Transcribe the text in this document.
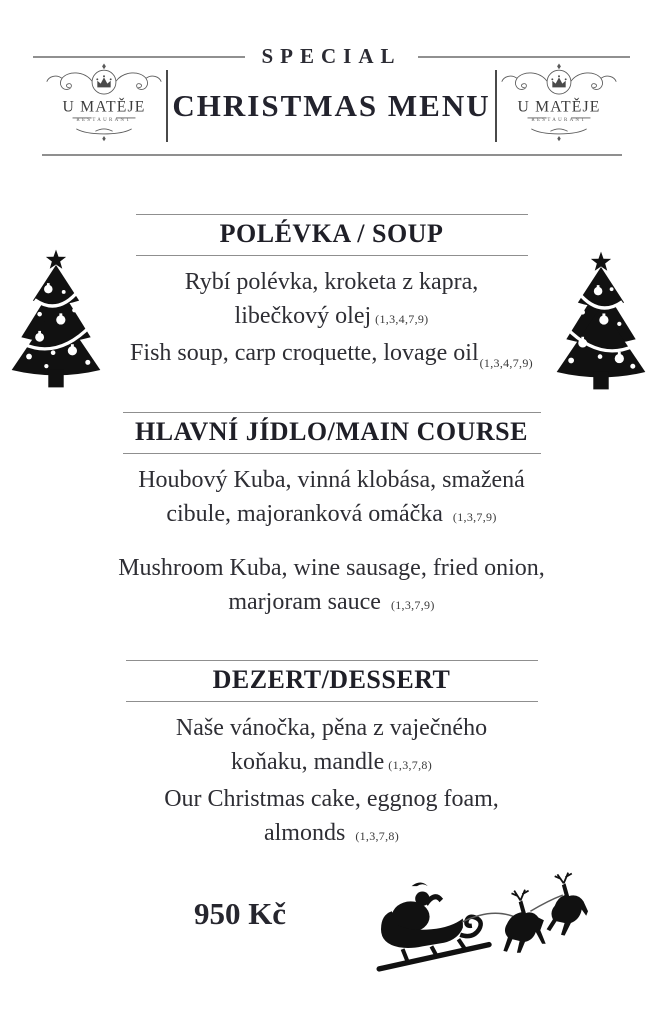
SPECIAL
U MATĚJE
RESTAURANT CHRISTMAS MENU U MATĚJE
RESTAURANT
POLÉVKA / SOUP

Rybí polévka, kroketa z kapra,
libečkový olej (1,3,4,7,9)
Fish soup, carp croquette, lovage oil$_{(1,3,4,7,9)}$

HLAVNÍ JÍDLO/MAIN COURSE

Houbový Kuba, vinná klobása, smažená
cibule, majoranková omáčka (1,3,7,9)

Mushroom Kuba, wine sausage, fried onion,
marjoram sauce (1,3,7,9)

DEZERT/DESSERT

Naše vánočka, pěna z vaječného
koňaku, mandle (1,3,7,8)
Our Christmas cake, eggnog foam,
almonds (1,3,7,8)

950 Kč
